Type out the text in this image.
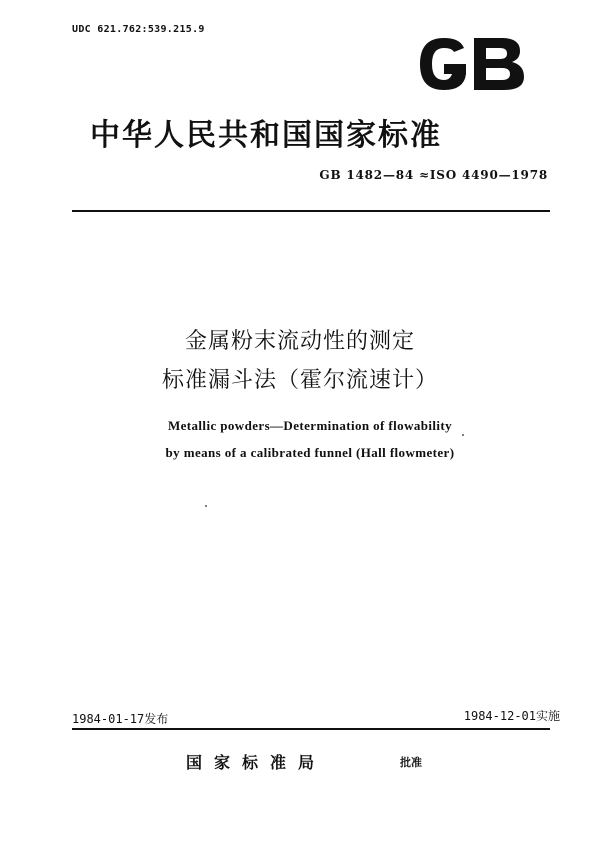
UDC 621.762:539.215.9
中华人民共和国国家标准
GB 1482—84 ≈ISO 4490—1978
金属粉末流动性的测定
标准漏斗法（霍尔流速计）
Metallic powders—Determination of flowability
by means of a calibrated funnel (Hall flowmeter)
1984-01-17发布	1984-12-01实施
国家标准局	批准
